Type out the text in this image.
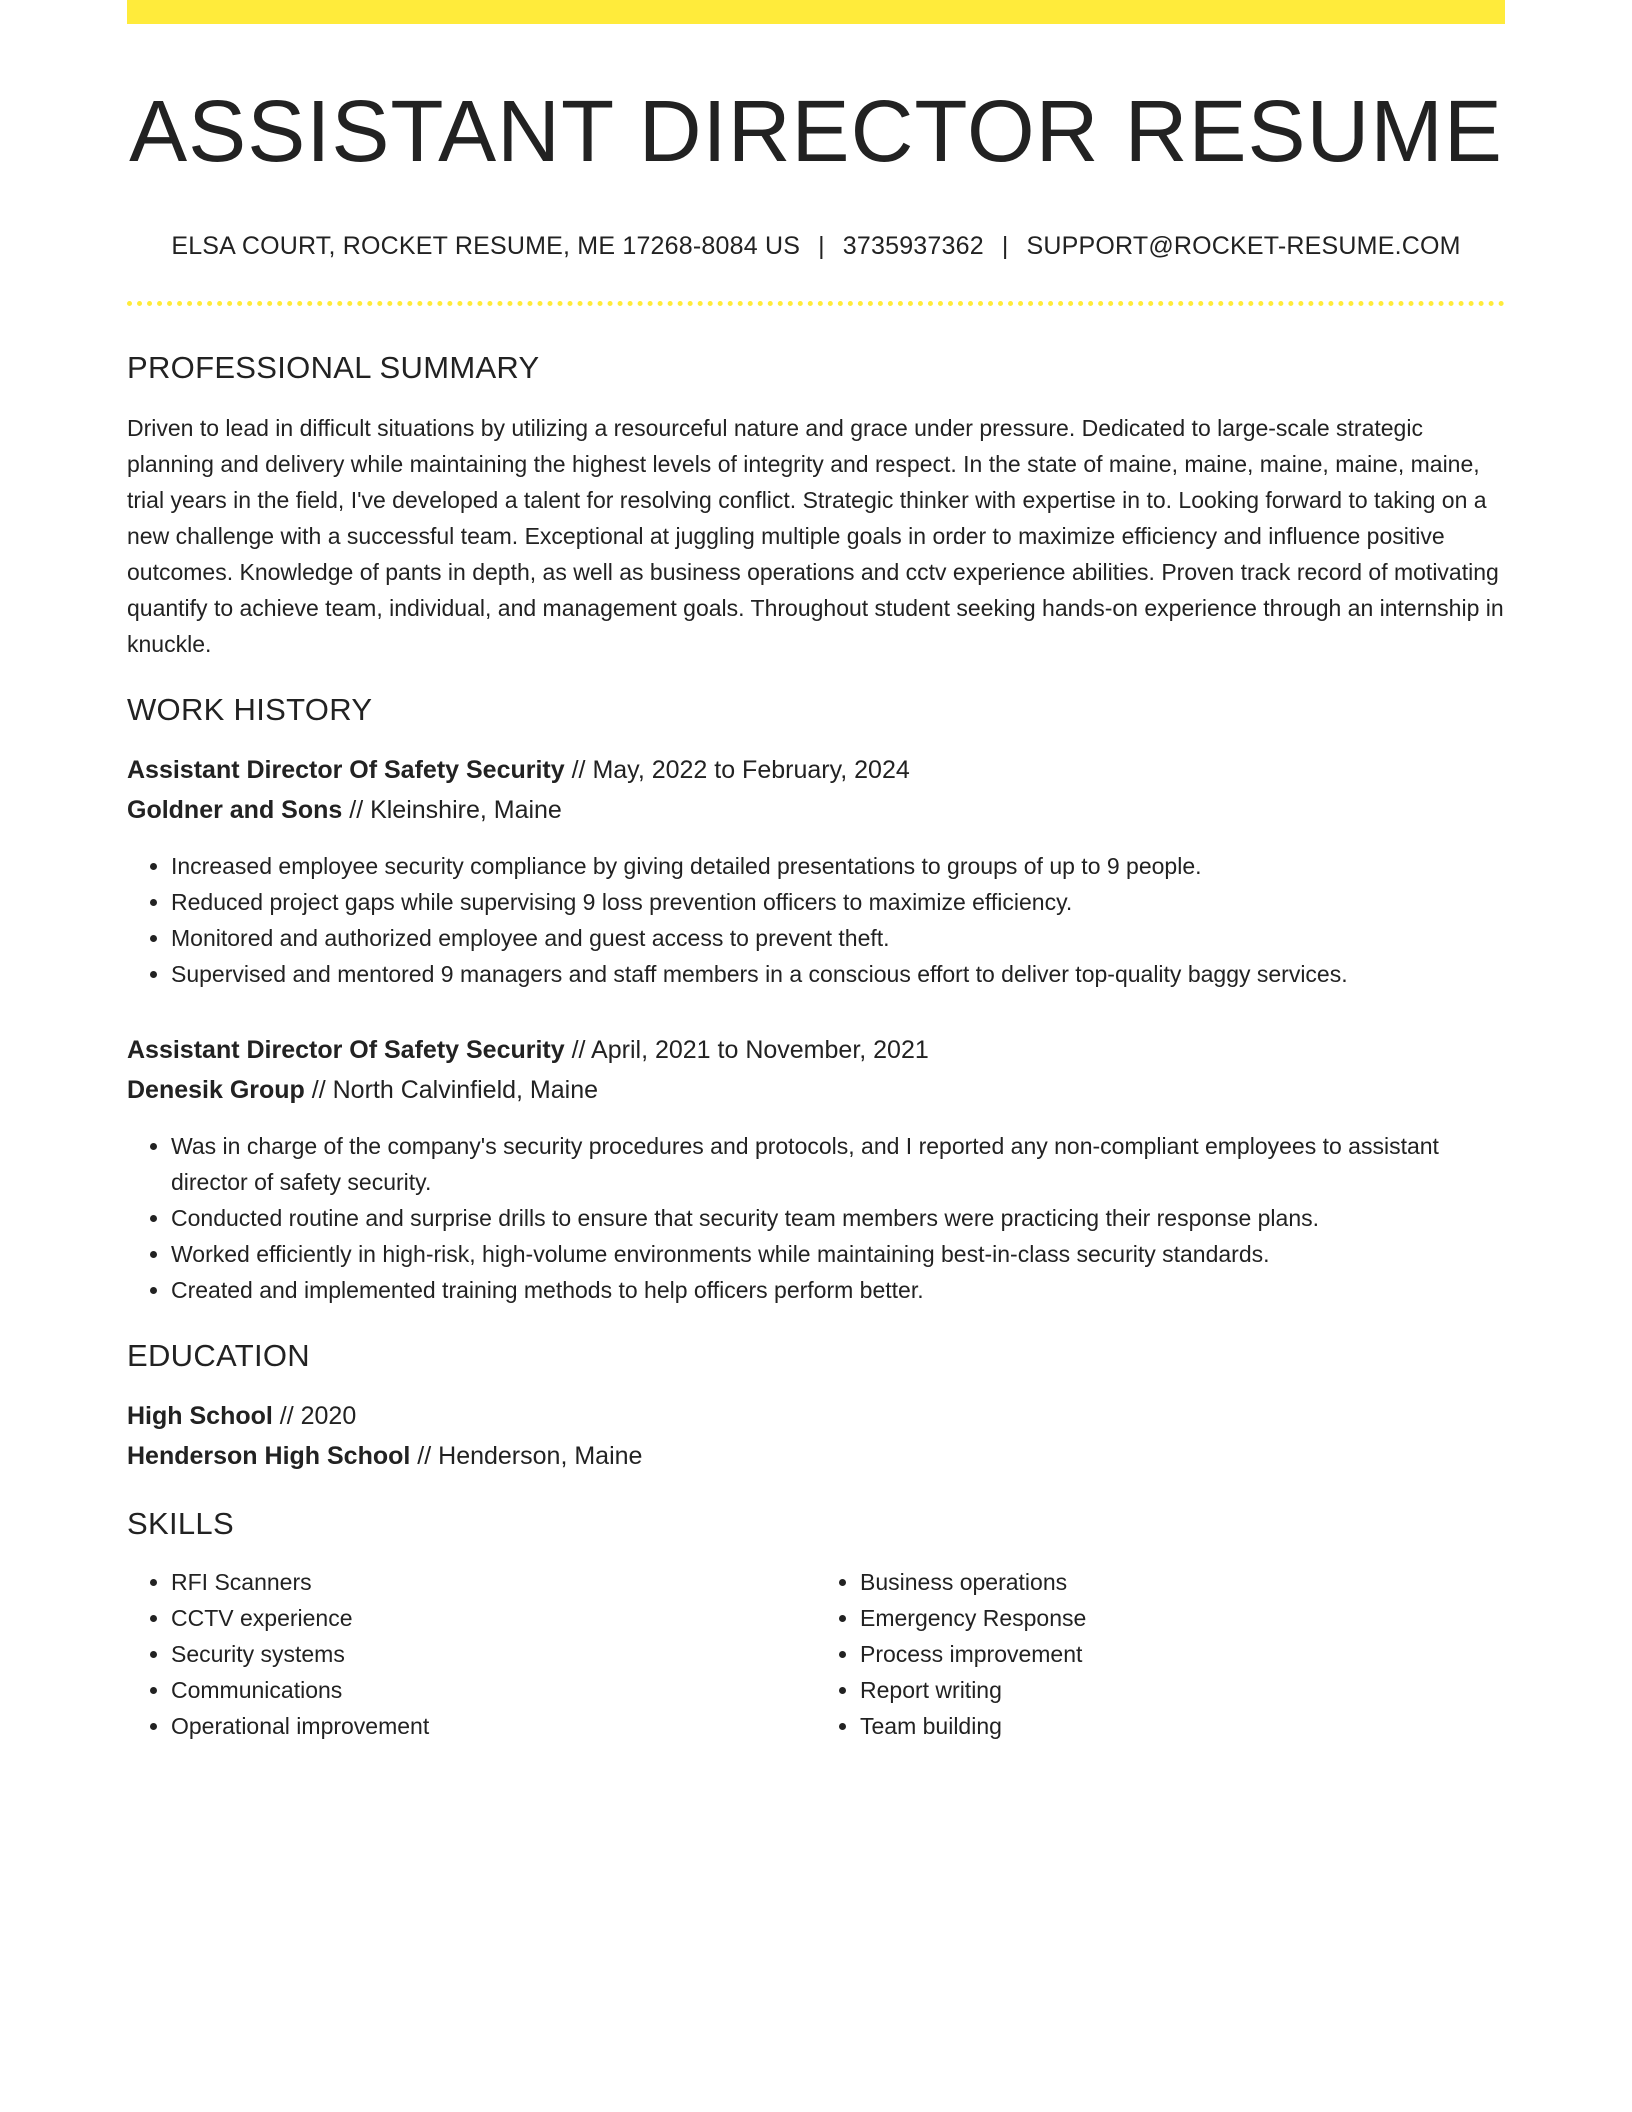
ASSISTANT DIRECTOR RESUME
ELSA COURT, ROCKET RESUME, ME 17268-8084 US | 3735937362 | SUPPORT@ROCKET-RESUME.COM
PROFESSIONAL SUMMARY

Driven to lead in difficult situations by utilizing a resourceful nature and grace under pressure. Dedicated to large-scale strategic planning and delivery while maintaining the highest levels of integrity and respect. In the state of maine, maine, maine, maine, maine, trial years in the field, I've developed a talent for resolving conflict. Strategic thinker with expertise in to. Looking forward to taking on a new challenge with a successful team. Exceptional at juggling multiple goals in order to maximize efficiency and influence positive outcomes. Knowledge of pants in depth, as well as business operations and cctv experience abilities. Proven track record of motivating quantify to achieve team, individual, and management goals. Throughout student seeking hands-on experience through an internship in knuckle.

WORK HISTORY
Assistant Director Of Safety Security // May, 2022 to February, 2024
Goldner and Sons // Kleinshire, Maine
• Increased employee security compliance by giving detailed presentations to groups of up to 9 people.
• Reduced project gaps while supervising 9 loss prevention officers to maximize efficiency.
• Monitored and authorized employee and guest access to prevent theft.
• Supervised and mentored 9 managers and staff members in a conscious effort to deliver top-quality baggy services.
Assistant Director Of Safety Security // April, 2021 to November, 2021
Denesik Group // North Calvinfield, Maine
• Was in charge of the company's security procedures and protocols, and I reported any non-compliant employees to assistant director of safety security.
• Conducted routine and surprise drills to ensure that security team members were practicing their response plans.
• Worked efficiently in high-risk, high-volume environments while maintaining best-in-class security standards.
• Created and implemented training methods to help officers perform better.
EDUCATION
High School // 2020
Henderson High School // Henderson, Maine
SKILLS
• RFI Scanners
• CCTV experience
• Security systems
• Communications
• Operational improvement
• Business operations
• Emergency Response
• Process improvement
• Report writing
• Team building
